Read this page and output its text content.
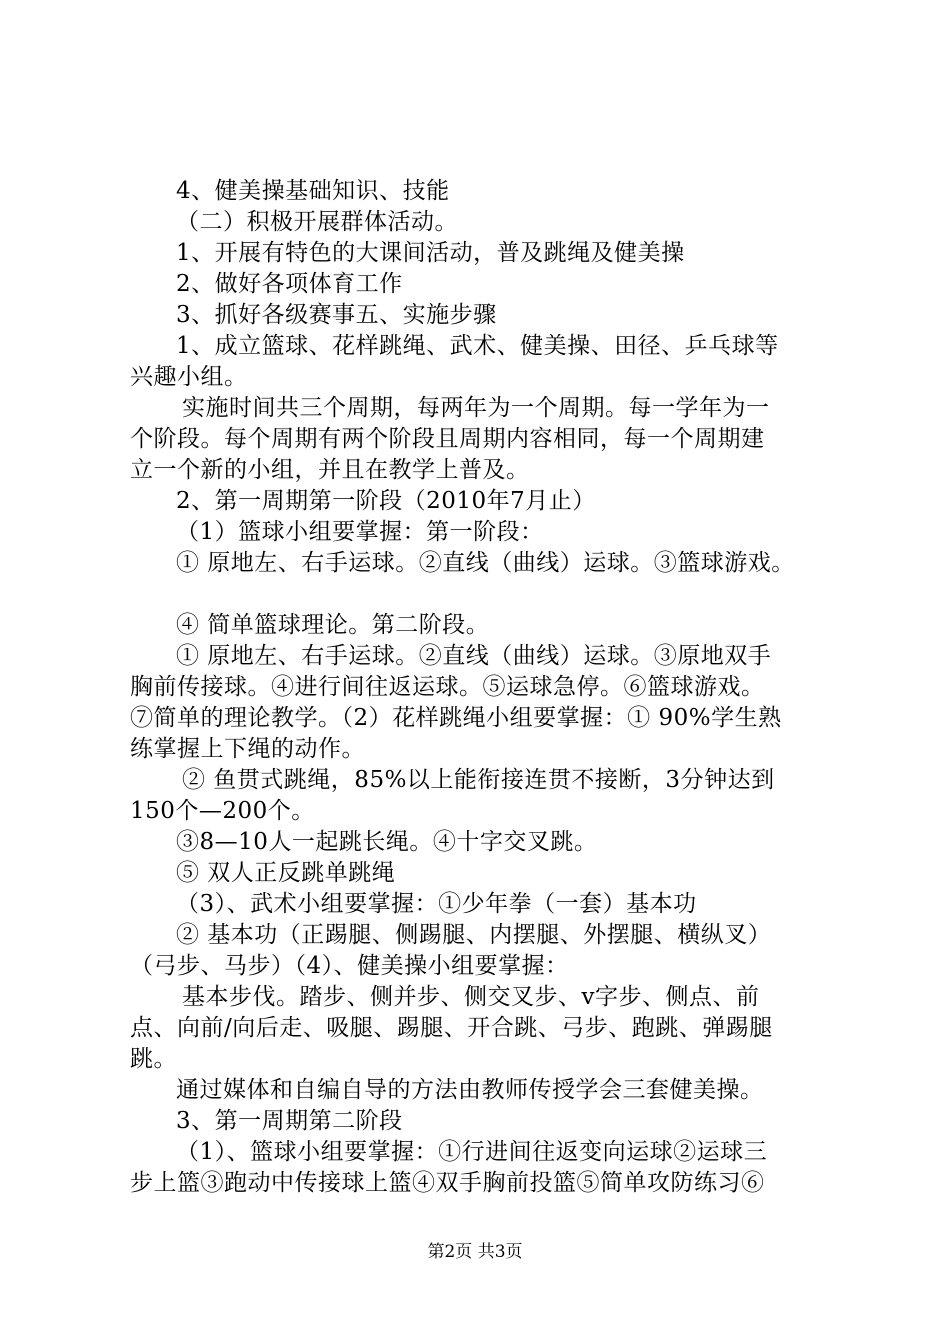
4、健美操基础知识、技能
（二）积极开展群体活动。
1、开展有特色的大课间活动，普及跳绳及健美操
2、做好各项体育工作
3、抓好各级赛事五、实施步骤
1、成立篮球、花样跳绳、武术、健美操、田径、乒乓球等
兴趣小组。
实施时间共三个周期，每两年为一个周期。每一学年为一
个阶段。每个周期有两个阶段且周期内容相同，每一个周期建
立一个新的小组，并且在教学上普及。
2、第一周期第一阶段（2010年7月止）
（1）篮球小组要掌握：第一阶段：
① 原地左、右手运球。②直线（曲线）运球。③篮球游戏。
④ 简单篮球理论。第二阶段。
① 原地左、右手运球。②直线（曲线）运球。③原地双手
胸前传接球。④进行间往返运球。⑤运球急停。⑥篮球游戏。
⑦简单的理论教学。（2）花样跳绳小组要掌握：① 90%学生熟
练掌握上下绳的动作。
② 鱼贯式跳绳，85%以上能衔接连贯不接断，3分钟达到
150个—200个。
③8—10人一起跳长绳。④十字交叉跳。
⑤ 双人正反跳单跳绳
（3）、武术小组要掌握：①少年拳（一套）基本功
② 基本功（正踢腿、侧踢腿、内摆腿、外摆腿、横纵叉）
（弓步、马步）（4）、健美操小组要掌握：
基本步伐。踏步、侧并步、侧交叉步、v字步、侧点、前
点、向前/向后走、吸腿、踢腿、开合跳、弓步、跑跳、弹踢腿
跳。
通过媒体和自编自导的方法由教师传授学会三套健美操。
3、第一周期第二阶段
（1）、篮球小组要掌握：①行进间往返变向运球②运球三
步上篮③跑动中传接球上篮④双手胸前投篮⑤简单攻防练习⑥
第2页 共3页
